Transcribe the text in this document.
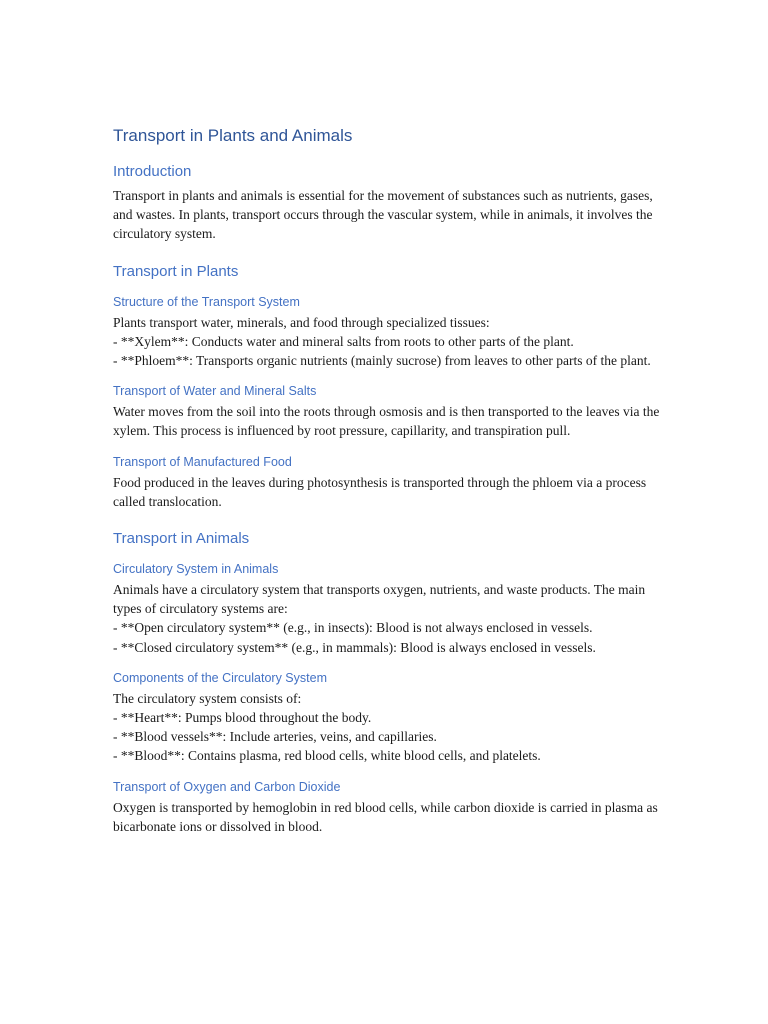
Transport in Plants and Animals
Introduction

Transport in plants and animals is essential for the movement of substances such as nutrients, gases, and wastes. In plants, transport occurs through the vascular system, while in animals, it involves the circulatory system.

Transport in Plants
Structure of the Transport System

Plants transport water, minerals, and food through specialized tissues:
- **Xylem**: Conducts water and mineral salts from roots to other parts of the plant.
- **Phloem**: Transports organic nutrients (mainly sucrose) from leaves to other parts of the plant.

Transport of Water and Mineral Salts

Water moves from the soil into the roots through osmosis and is then transported to the leaves via the xylem. This process is influenced by root pressure, capillarity, and transpiration pull.

Transport of Manufactured Food

Food produced in the leaves during photosynthesis is transported through the phloem via a process called translocation.

Transport in Animals
Circulatory System in Animals

Animals have a circulatory system that transports oxygen, nutrients, and waste products. The main types of circulatory systems are:
- **Open circulatory system** (e.g., in insects): Blood is not always enclosed in vessels.
- **Closed circulatory system** (e.g., in mammals): Blood is always enclosed in vessels.

Components of the Circulatory System

The circulatory system consists of:
- **Heart**: Pumps blood throughout the body.
- **Blood vessels**: Include arteries, veins, and capillaries.
- **Blood**: Contains plasma, red blood cells, white blood cells, and platelets.

Transport of Oxygen and Carbon Dioxide

Oxygen is transported by hemoglobin in red blood cells, while carbon dioxide is carried in plasma as bicarbonate ions or dissolved in blood.
